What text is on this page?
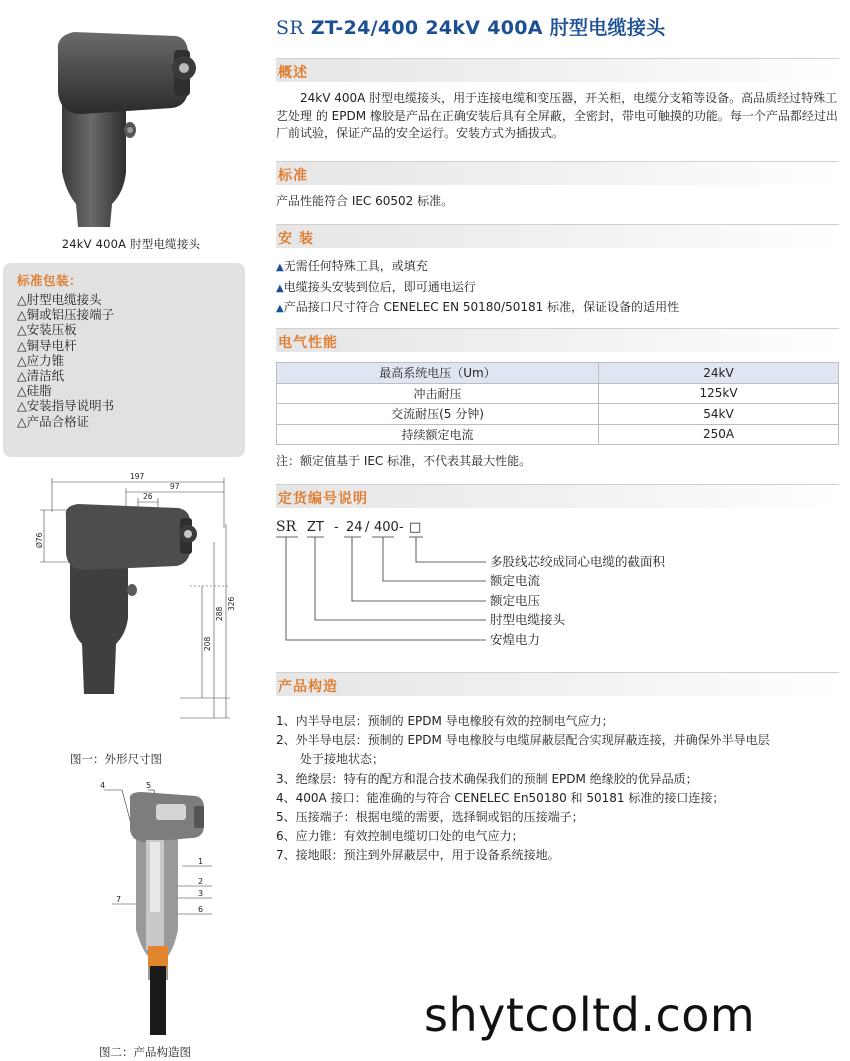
24kV 400A 肘型电缆接头
标准包装：
△肘型电缆接头
△铜或铝压接端子
△安装压板
△铜导电杆
△应力锥
△清洁纸
△硅脂
△安装指导说明书
△产品合格证
197
97
26
Ø76
208
288
326
图一：外形尺寸图
4	5
1
2
3
7
6
图二：产品构造图
SR ZT-24/400 24kV 400A 肘型电缆接头
概述
24kV 400A 肘型电缆接头，用于连接电缆和变压器，开关柜，电缆分支箱等设备。高品质经过特殊工艺处理 的 EPDM 橡胶是产品在正确安装后具有全屏蔽，全密封，带电可触摸的功能。每一个产品都经过出厂前试验，保证产品的安全运行。安装方式为插拔式。
标准
产品性能符合 IEC 60502 标准。
安 装
▲无需任何特殊工具，或填充
▲电缆接头安装到位后，即可通电运行
▲产品接口尺寸符合 CENELEC EN 50180/50181 标准，保证设备的适用性
电气性能
最高系统电压（Um）	24kV
冲击耐压	125kV
交流耐压(5 分钟)	54kV
持续额定电流	250A
注：额定值基于 IEC 标准，不代表其最大性能。
定货编号说明
SR ZT - 24 / 400 - □
多股线芯绞成同心电缆的截面积
额定电流
额定电压
肘型电缆接头
安煌电力
产品构造
1、内半导电层：预制的 EPDM 导电橡胶有效的控制电气应力；
2、外半导电层：预制的 EPDM 导电橡胶与电缆屏蔽层配合实现屏蔽连接，并确保外半导电层
处于接地状态；
3、绝缘层：特有的配方和混合技术确保我们的预制 EPDM 绝缘胶的优异品质；
4、400A 接口：能准确的与符合 CENELEC En50180 和 50181 标准的接口连接；
5、压接端子：根据电缆的需要，选择铜或铝的压接端子；
6、应力锥：有效控制电缆切口处的电气应力；
7、接地眼：预注到外屏蔽层中，用于设备系统接地。
shytcoltd.com
